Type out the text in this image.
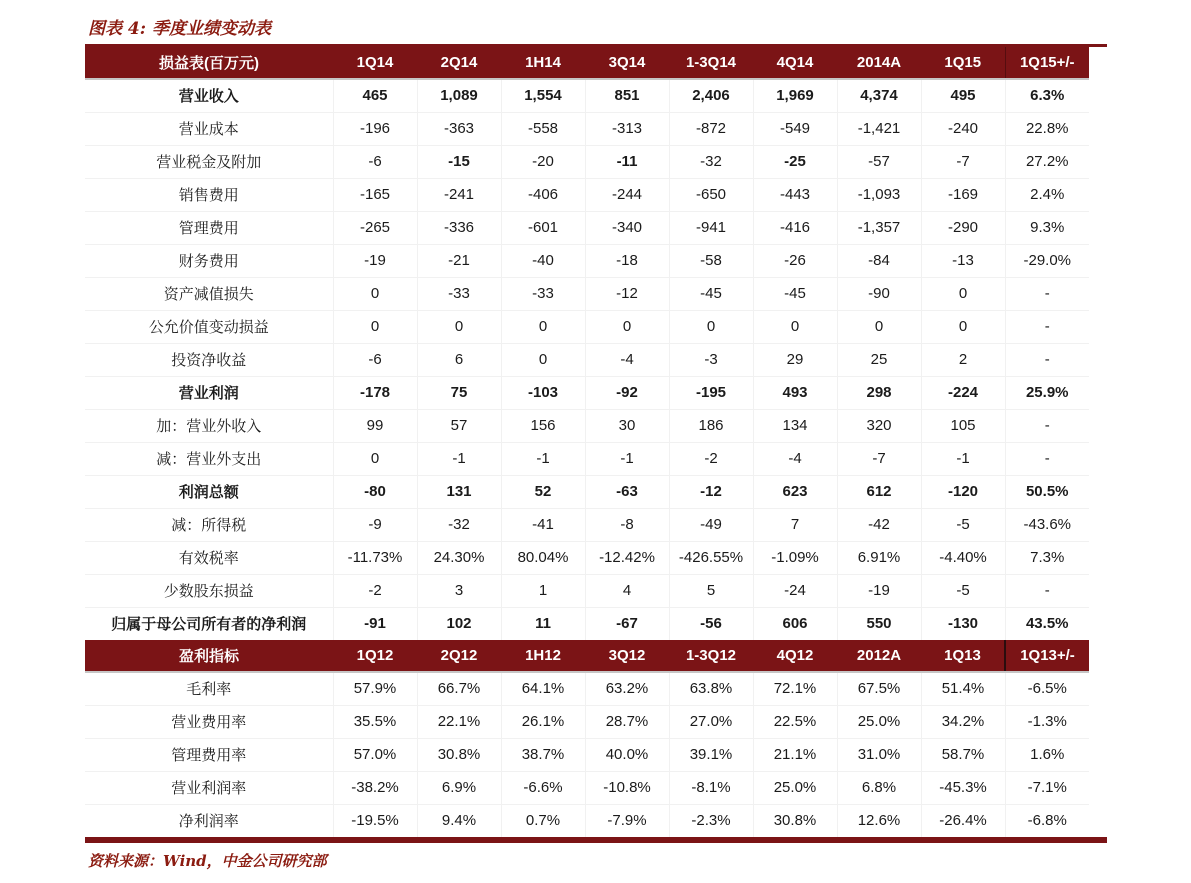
图表 4: 季度业绩变动表
损益表(百万元)	1Q14	2Q14	1H14	3Q14	1-3Q14	4Q14	2014A	1Q15	1Q15+/-
营业收入	465	1,089	1,554	851	2,406	1,969	4,374	495	6.3%
营业成本	-196	-363	-558	-313	-872	-549	-1,421	-240	22.8%
营业税金及附加	-6	-15	-20	-11	-32	-25	-57	-7	27.2%
销售费用	-165	-241	-406	-244	-650	-443	-1,093	-169	2.4%
管理费用	-265	-336	-601	-340	-941	-416	-1,357	-290	9.3%
财务费用	-19	-21	-40	-18	-58	-26	-84	-13	-29.0%
资产减值损失	0	-33	-33	-12	-45	-45	-90	0	-
公允价值变动损益	0	0	0	0	0	0	0	0	-
投资净收益	-6	6	0	-4	-3	29	25	2	-
营业利润	-178	75	-103	-92	-195	493	298	-224	25.9%
加：营业外收入	99	57	156	30	186	134	320	105	-
减：营业外支出	0	-1	-1	-1	-2	-4	-7	-1	-
利润总额	-80	131	52	-63	-12	623	612	-120	50.5%
减：所得税	-9	-32	-41	-8	-49	7	-42	-5	-43.6%
有效税率	-11.73%	24.30%	80.04%	-12.42%	-426.55%	-1.09%	6.91%	-4.40%	7.3%
少数股东损益	-2	3	1	4	5	-24	-19	-5	-
归属于母公司所有者的净利润	-91	102	11	-67	-56	606	550	-130	43.5%
盈利指标	1Q12	2Q12	1H12	3Q12	1-3Q12	4Q12	2012A	1Q13	1Q13+/-
毛利率	57.9%	66.7%	64.1%	63.2%	63.8%	72.1%	67.5%	51.4%	-6.5%
营业费用率	35.5%	22.1%	26.1%	28.7%	27.0%	22.5%	25.0%	34.2%	-1.3%
管理费用率	57.0%	30.8%	38.7%	40.0%	39.1%	21.1%	31.0%	58.7%	1.6%
营业利润率	-38.2%	6.9%	-6.6%	-10.8%	-8.1%	25.0%	6.8%	-45.3%	-7.1%
净利润率	-19.5%	9.4%	0.7%	-7.9%	-2.3%	30.8%	12.6%	-26.4%	-6.8%
资料来源：Wind，中金公司研究部
